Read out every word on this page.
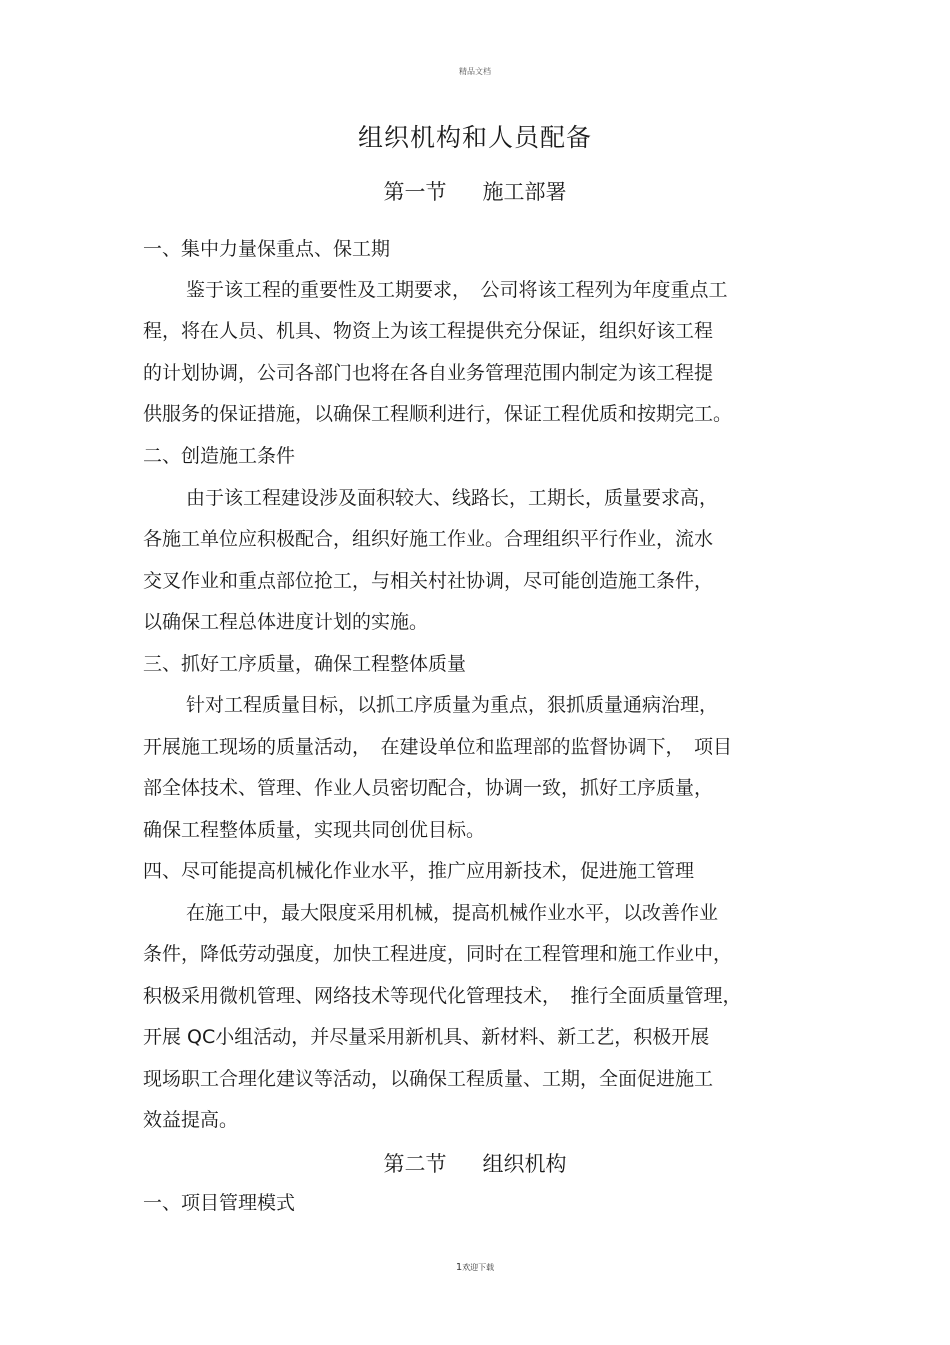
精品文档
组织机构和人员配备
第一节 施工部署
一、集中力量保重点、保工期
鉴于该工程的重要性及工期要求，　公司将该工程列为年度重点工
程，将在人员、机具、物资上为该工程提供充分保证，组织好该工程
的计划协调，公司各部门也将在各自业务管理范围内制定为该工程提
供服务的保证措施，以确保工程顺利进行，保证工程优质和按期完工。
二、创造施工条件
由于该工程建设涉及面积较大、线路长，工期长，质量要求高，
各施工单位应积极配合，组织好施工作业。合理组织平行作业，流水
交叉作业和重点部位抢工，与相关村社协调，尽可能创造施工条件，
以确保工程总体进度计划的实施。
三、抓好工序质量，确保工程整体质量
针对工程质量目标，以抓工序质量为重点，狠抓质量通病治理，
开展施工现场的质量活动，　在建设单位和监理部的监督协调下，　项目
部全体技术、管理、作业人员密切配合，协调一致，抓好工序质量，
确保工程整体质量，实现共同创优目标。
四、尽可能提高机械化作业水平，推广应用新技术，促进施工管理
在施工中，最大限度采用机械，提高机械作业水平，以改善作业
条件，降低劳动强度，加快工程进度，同时在工程管理和施工作业中，
积极采用微机管理、网络技术等现代化管理技术，　推行全面质量管理，
开展 QC小组活动，并尽量采用新机具、新材料、新工艺，积极开展
现场职工合理化建议等活动，以确保工程质量、工期，全面促进施工
效益提高。
第二节 组织机构
一、项目管理模式
1欢迎下载
